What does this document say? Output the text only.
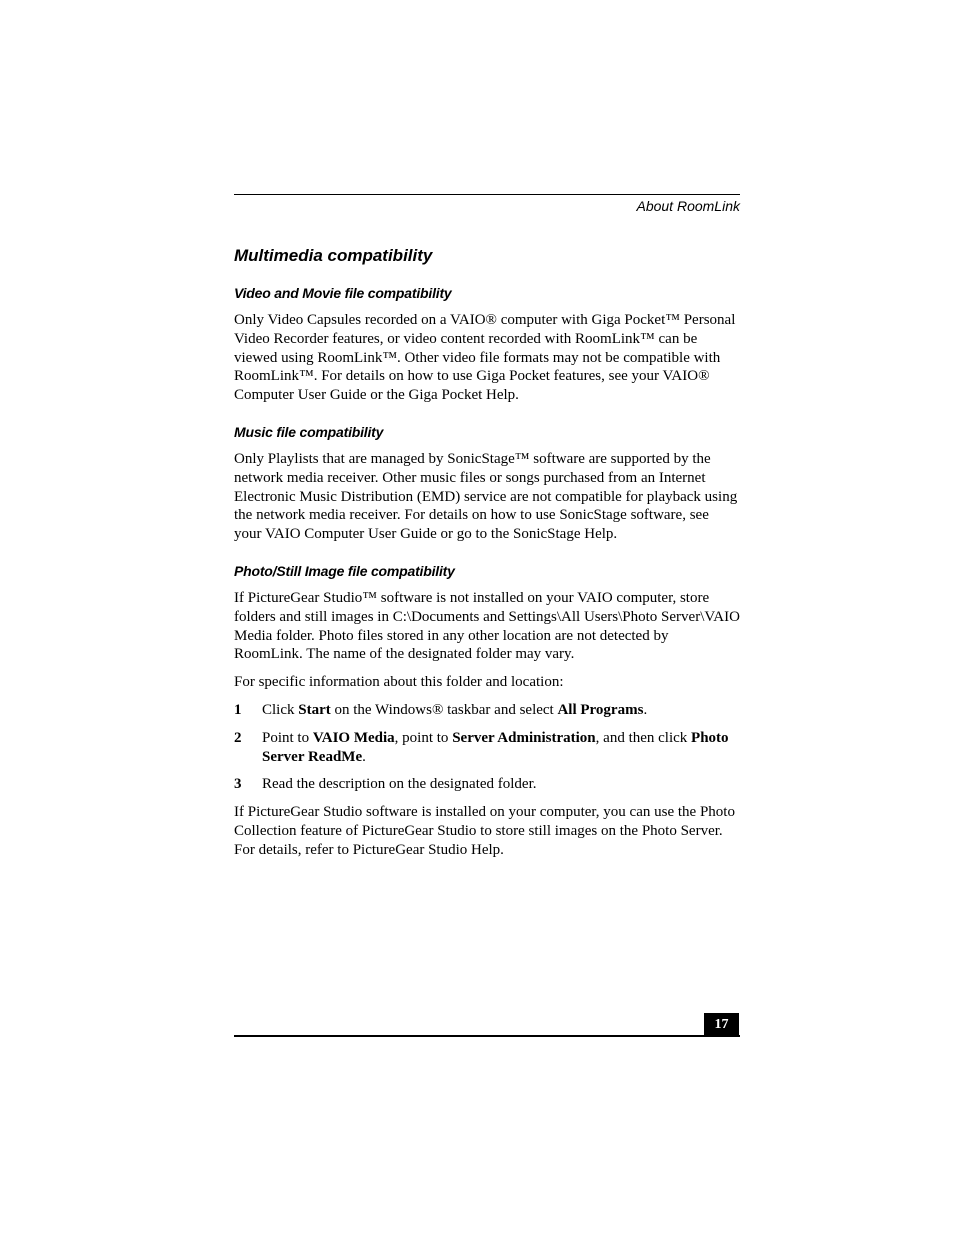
About RoomLink
Multimedia compatibility
Video and Movie file compatibility

Only Video Capsules recorded on a VAIO® computer with Giga Pocket™ Personal Video Recorder features, or video content recorded with RoomLink™ can be viewed using RoomLink™. Other video file formats may not be compatible with RoomLink™. For details on how to use Giga Pocket features, see your VAIO® Computer User Guide or the Giga Pocket Help.

Music file compatibility

Only Playlists that are managed by SonicStage™ software are supported by the network media receiver. Other music files or songs purchased from an Internet Electronic Music Distribution (EMD) service are not compatible for playback using the network media receiver. For details on how to use SonicStage software, see your VAIO Computer User Guide or go to the SonicStage Help.

Photo/Still Image file compatibility

If PictureGear Studio™ software is not installed on your VAIO computer, store folders and still images in C:\Documents and Settings\All Users\Photo Server\VAIO Media folder. Photo files stored in any other location are not detected by RoomLink. The name of the designated folder may vary.

For specific information about this folder and location:

1 Click Start on the Windows® taskbar and select All Programs.
2 Point to VAIO Media, point to Server Administration, and then click Photo Server ReadMe.
3 Read the description on the designated folder.

If PictureGear Studio software is installed on your computer, you can use the Photo Collection feature of PictureGear Studio to store still images on the Photo Server. For details, refer to PictureGear Studio Help.

17
